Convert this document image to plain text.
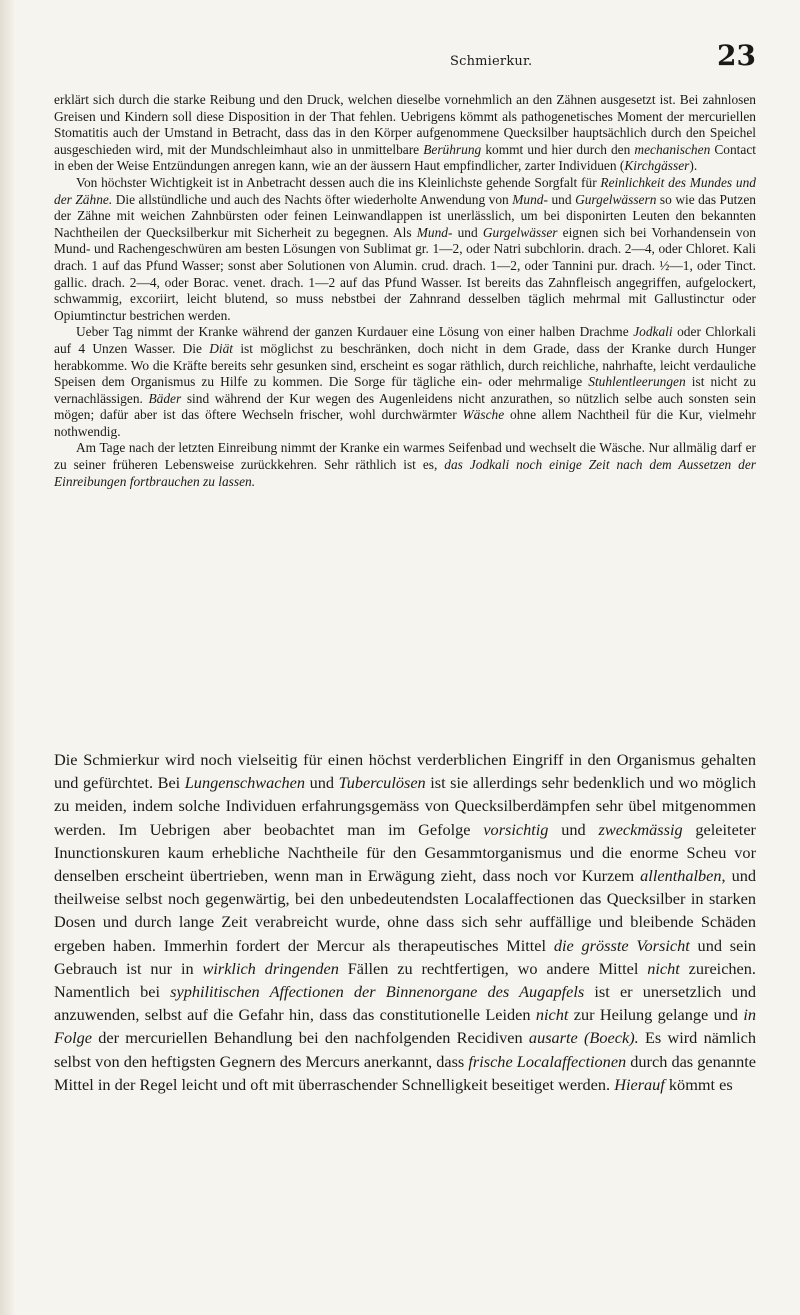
Schmierkur.	23

erklärt sich durch die starke Reibung und den Druck, welchen dieselbe vornehmlich an den Zähnen ausgesetzt ist. Bei zahnlosen Greisen und Kindern soll diese Disposition in der That fehlen. Uebrigens kömmt als pathogenetisches Moment der mercuriellen Stomatitis auch der Umstand in Betracht, dass das in den Körper aufgenommene Quecksilber hauptsächlich durch den Speichel ausgeschieden wird, mit der Mundschleimhaut also in unmittelbare Berührung kommt und hier durch den mechanischen Contact in eben der Weise Entzündungen anregen kann, wie an der äussern Haut empfindlicher, zarter Individuen (Kirchgässer).

Von höchster Wichtigkeit ist in Anbetracht dessen auch die ins Kleinlichste gehende Sorgfalt für Reinlichkeit des Mundes und der Zähne. Die allstündliche und auch des Nachts öfter wiederholte Anwendung von Mund- und Gurgelwässern so wie das Putzen der Zähne mit weichen Zahnbürsten oder feinen Leinwandlappen ist unerlässlich, um bei disponirten Leuten den bekannten Nachtheilen der Quecksilberkur mit Sicherheit zu begegnen. Als Mund- und Gurgelwässer eignen sich bei Vorhandensein von Mund- und Rachengeschwüren am besten Lösungen von Sublimat gr. 1—2, oder Natri subchlorin. drach. 2—4, oder Chloret. Kali drach. 1 auf das Pfund Wasser; sonst aber Solutionen von Alumin. crud. drach. 1—2, oder Tannini pur. drach. ½—1, oder Tinct. gallic. drach. 2—4, oder Borac. venet. drach. 1—2 auf das Pfund Wasser. Ist bereits das Zahnfleisch angegriffen, aufgelockert, schwammig, excoriirt, leicht blutend, so muss nebstbei der Zahnrand desselben täglich mehrmal mit Gallustinctur oder Opiumtinctur bestrichen werden.

Ueber Tag nimmt der Kranke während der ganzen Kurdauer eine Lösung von einer halben Drachme Jodkali oder Chlorkali auf 4 Unzen Wasser. Die Diät ist möglichst zu beschränken, doch nicht in dem Grade, dass der Kranke durch Hunger herabkomme. Wo die Kräfte bereits sehr gesunken sind, erscheint es sogar räthlich, durch reichliche, nahrhafte, leicht verdauliche Speisen dem Organismus zu Hilfe zu kommen. Die Sorge für tägliche ein- oder mehrmalige Stuhlentleerungen ist nicht zu vernachlässigen. Bäder sind während der Kur wegen des Augenleidens nicht anzurathen, so nützlich selbe auch sonsten sein mögen; dafür aber ist das öftere Wechseln frischer, wohl durchwärmter Wäsche ohne allem Nachtheil für die Kur, vielmehr nothwendig.

Am Tage nach der letzten Einreibung nimmt der Kranke ein warmes Seifenbad und wechselt die Wäsche. Nur allmälig darf er zu seiner früheren Lebensweise zurückkehren. Sehr räthlich ist es, das Jodkali noch einige Zeit nach dem Aussetzen der Einreibungen fortbrauchen zu lassen.

Die Schmierkur wird noch vielseitig für einen höchst verderblichen Eingriff in den Organismus gehalten und gefürchtet. Bei Lungenschwachen und Tuberculösen ist sie allerdings sehr bedenklich und wo möglich zu meiden, indem solche Individuen erfahrungsgemäss von Quecksilberdämpfen sehr übel mitgenommen werden. Im Uebrigen aber beobachtet man im Gefolge vorsichtig und zweckmässig geleiteter Inunctionskuren kaum erhebliche Nachtheile für den Gesammtorganismus und die enorme Scheu vor denselben erscheint übertrieben, wenn man in Erwägung zieht, dass noch vor Kurzem allenthalben, und theilweise selbst noch gegenwärtig, bei den unbedeutendsten Localaffectionen das Quecksilber in starken Dosen und durch lange Zeit verabreicht wurde, ohne dass sich sehr auffällige und bleibende Schäden ergeben haben. Immerhin fordert der Mercur als therapeutisches Mittel die grösste Vorsicht und sein Gebrauch ist nur in wirklich dringenden Fällen zu rechtfertigen, wo andere Mittel nicht zureichen. Namentlich bei syphilitischen Affectionen der Binnenorgane des Augapfels ist er unersetzlich und anzuwenden, selbst auf die Gefahr hin, dass das constitutionelle Leiden nicht zur Heilung gelange und in Folge der mercuriellen Behandlung bei den nachfolgenden Recidiven ausarte (Boeck). Es wird nämlich selbst von den heftigsten Gegnern des Mercurs anerkannt, dass frische Localaffectionen durch das genannte Mittel in der Regel leicht und oft mit überraschender Schnelligkeit beseitiget werden. Hierauf kömmt es
